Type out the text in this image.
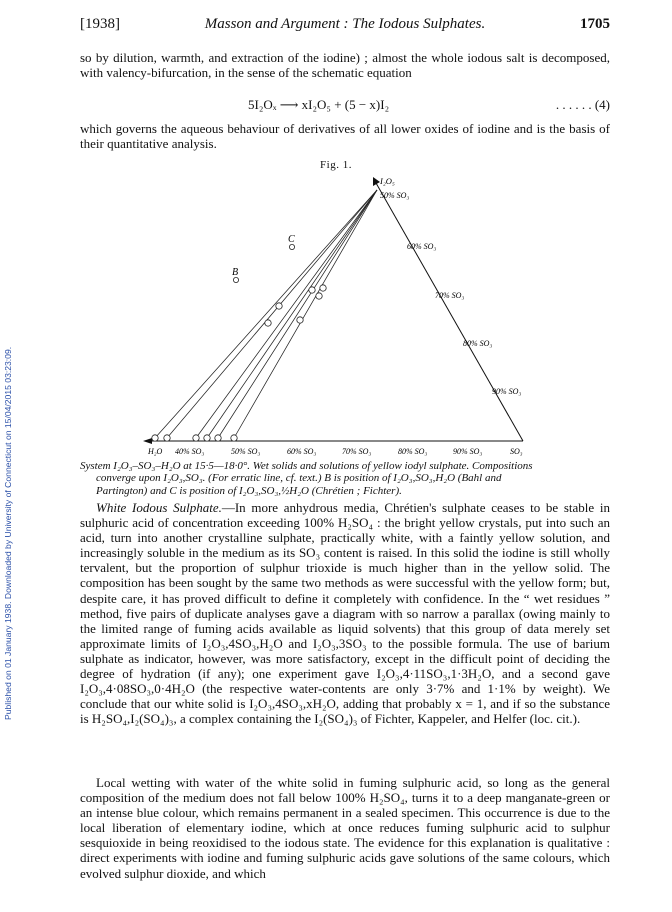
Published on 01 January 1938. Downloaded by University of Connecticut on 15/04/2015 03:23:09.
[1938]	Masson and Argument : The Iodous Sulphates.	1705

so by dilution, warmth, and extraction of the iodine) ; almost the whole iodous salt is decomposed, with valency-bifurcation, in the sense of the schematic equation

5I₂Oₓ ⟶ xI₂O₅ + (5 − x)I₂	. . . . . . (4)

which governs the aqueous behaviour of derivatives of all lower oxides of iodine and is the basis of their quantitative analysis.

Fig. 1.
C
B
I₂O₅
50% SO₃
60% SO₃
70% SO₃
80% SO₃
90% SO₃
H₂O 40% SO₃	50% SO₃	60% SO₃	70% SO₃	80% SO₃	90% SO₃	SO₃

System I₂O₃–SO₃–H₂O at 15·5—18·0°. Wet solids and solutions of yellow iodyl sulphate. Compositions

converge upon I₂O₃,SO₃. (For erratic line, cf. text.) B is position of I₂O₃,SO₃,H₂O (Bahl and

Partington) and C is position of I₂O₃,SO₃,½H₂O (Chrétien ; Fichter).

White Iodous Sulphate.—In more anhydrous media, Chrétien's sulphate ceases to be stable in sulphuric acid of concentration exceeding 100% H₂SO₄ : the bright yellow crystals, put into such an acid, turn into another crystalline sulphate, practically white, with a faintly yellow solution, and increasingly soluble in the medium as its SO₃ content is raised. In this solid the iodine is still wholly tervalent, but the proportion of sulphur trioxide is much higher than in the yellow solid. The composition has been sought by the same two methods as were successful with the yellow form; but, despite care, it has proved difficult to define it completely with confidence. In the “ wet residues ” method, five pairs of duplicate analyses gave a diagram with so narrow a parallax (owing mainly to the limited range of fuming acids available as liquid solvents) that this group of data merely set approximate limits of I₂O₃,4SO₃,H₂O and I₂O₃,3SO₃ to the possible formula. The use of barium sulphate as indicator, however, was more satisfactory, except in the difficult point of deciding the degree of hydration (if any); one experiment gave I₂O₃,4·11SO₃,1·3H₂O, and a second gave I₂O₃,4·08SO₃,0·4H₂O (the respective water-contents are only 3·7% and 1·1% by weight). We conclude that our white solid is I₂O₃,4SO₃,xH₂O, adding that probably x = 1, and if so the substance is H₂SO₄,I₂(SO₄)₃, a complex containing the I₂(SO₄)₃ of Fichter, Kappeler, and Helfer (loc. cit.).

Local wetting with water of the white solid in fuming sulphuric acid, so long as the general composition of the medium does not fall below 100% H₂SO₄, turns it to a deep manganate-green or an intense blue colour, which remains permanent in a sealed specimen. This occurrence is due to the local liberation of elementary iodine, which at once reduces fuming sulphuric acid to sulphur sesquioxide in being reoxidised to the iodous state. The evidence for this explanation is qualitative : direct experiments with iodine and fuming sulphuric acids gave solutions of the same colours, which evolved sulphur dioxide, and which
